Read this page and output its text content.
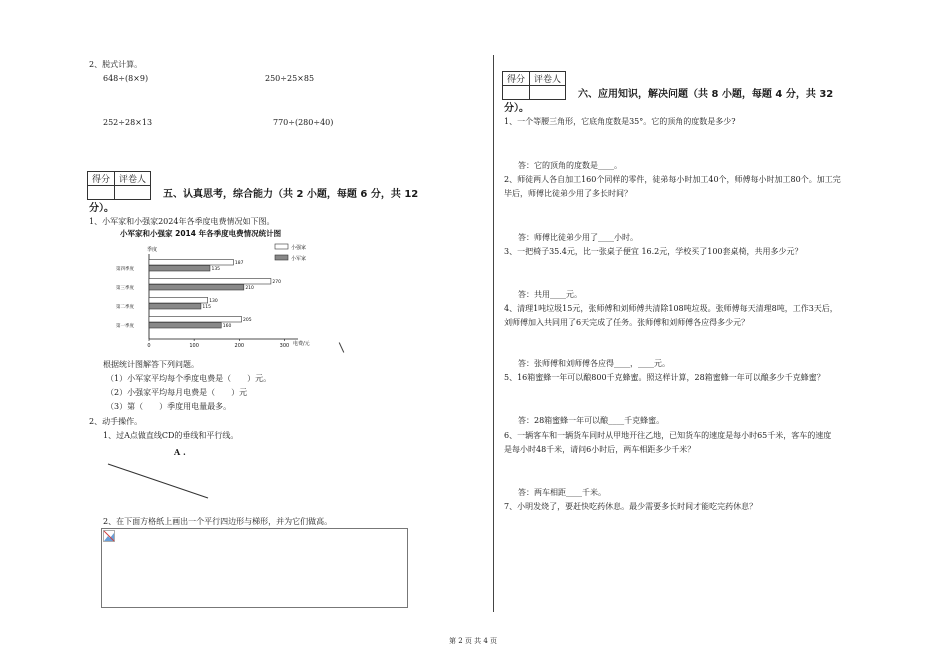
2、脱式计算。
648÷(8×9)	250÷25×85
252÷28×13	770÷(280÷40)
得分	评卷人

五、认真思考，综合能力（共 2 小题，每题 6 分，共 12
分）。
1、小军家和小强家2024年各季度电费情况如下图。
小军家和小强家 2014 年各季度电费情况统计图
季度
电费/元
第四季度
187
135
第三季度
270
210
第二季度
130
115
第一季度
205
160
0	100	200	300
小强家
小军家
根据统计图解答下列问题。
（1）小军家平均每个季度电费是（　　）元。
（2）小强家平均每月电费是（　　）元
（3）第（　　）季度用电量最多。
2、动手操作。
1、过A点做直线CD的垂线和平行线。
A .
2、在下面方格纸上画出一个平行四边形与梯形，并为它们做高。
得分	评卷人

六、应用知识，解决问题（共 8 小题，每题 4 分，共 32
分）。
1、一个等腰三角形，它底角度数是35°。它的顶角的度数是多少?
答：它的顶角的度数是____。
2、师徒两人各自加工160个同样的零件，徒弟每小时加工40个，师傅每小时加工80个。加工完
毕后，师傅比徒弟少用了多长时间？
答：师傅比徒弟少用了____小时。
3、一把椅子35.4元，比一张桌子便宜 16.2元，学校买了100套桌椅，共用多少元？
答：共用____元。
4、清理1吨垃圾15元，张师傅和刘师傅共清除108吨垃圾。张师傅每天清理8吨，工作3天后，
刘师傅加入共同用了6天完成了任务。张师傅和刘师傅各应得多少元？
答：张师傅和刘师傅各应得____，____元。
5、16箱蜜蜂一年可以酿800千克蜂蜜。照这样计算，28箱蜜蜂一年可以酿多少千克蜂蜜？
答：28箱蜜蜂一年可以酿____千克蜂蜜。
6、一辆客车和一辆货车同时从甲地开往乙地，已知货车的速度是每小时65千米，客车的速度
是每小时48千米，请问6小时后，两车相距多少千米？
答：两车相距____千米。
7、小明发烧了，要赶快吃药休息。最少需要多长时间才能吃完药休息？
第 2 页 共 4 页
